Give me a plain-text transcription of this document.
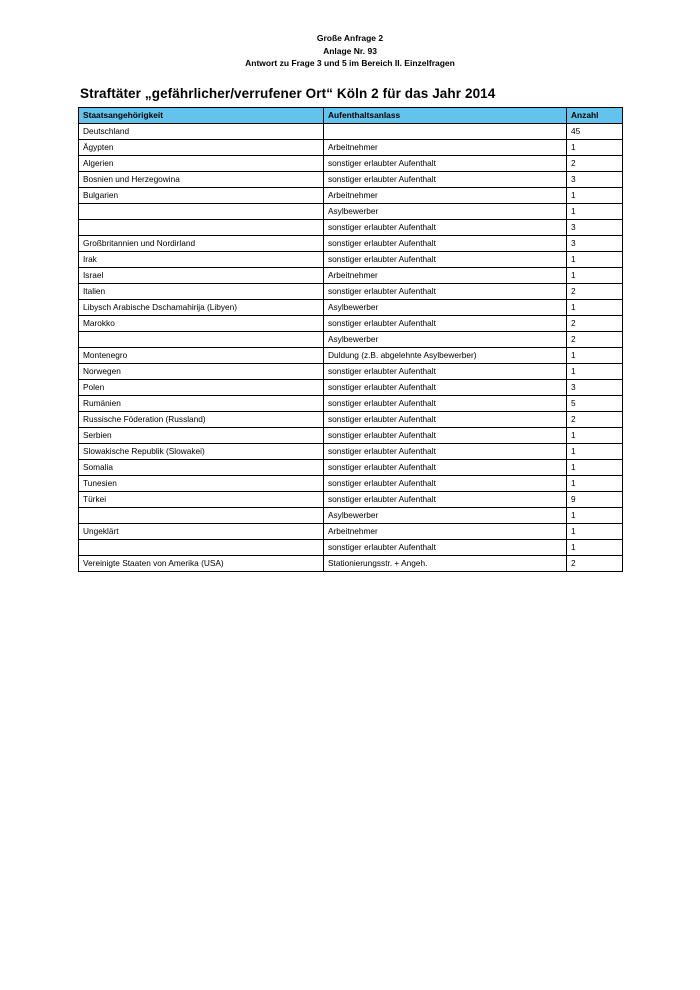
Große Anfrage 2
Anlage Nr. 93
Antwort zu Frage 3 und 5 im Bereich II. Einzelfragen
Straftäter „gefährlicher/verrufener Ort“ Köln 2 für das Jahr 2014
Staatsangehörigkeit	Aufenthaltsanlass	Anzahl
Deutschland		45
Ägypten	Arbeitnehmer	1
Algerien	sonstiger erlaubter Aufenthalt	2
Bosnien und Herzegowina	sonstiger erlaubter Aufenthalt	3
Bulgarien	Arbeitnehmer	1
	Asylbewerber	1
	sonstiger erlaubter Aufenthalt	3
Großbritannien und Nordirland	sonstiger erlaubter Aufenthalt	3
Irak	sonstiger erlaubter Aufenthalt	1
Israel	Arbeitnehmer	1
Italien	sonstiger erlaubter Aufenthalt	2
Libysch Arabische Dschamahirija (Libyen)	Asylbewerber	1
Marokko	sonstiger erlaubter Aufenthalt	2
	Asylbewerber	2
Montenegro	Duldung (z.B. abgelehnte Asylbewerber)	1
Norwegen	sonstiger erlaubter Aufenthalt	1
Polen	sonstiger erlaubter Aufenthalt	3
Rumänien	sonstiger erlaubter Aufenthalt	5
Russische Föderation (Russland)	sonstiger erlaubter Aufenthalt	2
Serbien	sonstiger erlaubter Aufenthalt	1
Slowakische Republik (Slowakei)	sonstiger erlaubter Aufenthalt	1
Somalia	sonstiger erlaubter Aufenthalt	1
Tunesien	sonstiger erlaubter Aufenthalt	1
Türkei	sonstiger erlaubter Aufenthalt	9
	Asylbewerber	1
Ungeklärt	Arbeitnehmer	1
	sonstiger erlaubter Aufenthalt	1
Vereinigte Staaten von Amerika (USA)	Stationierungsstr. + Angeh.	2
